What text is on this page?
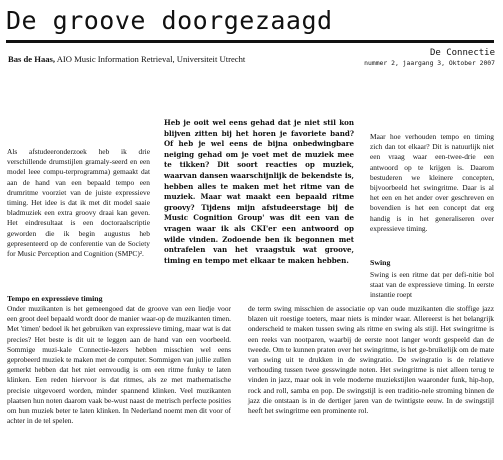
De groove doorgezaagd
Bas de Haas, AIO Music Information Retrieval, Universiteit Utrecht
De Connectie
nummer 2, jaargang 3, Oktober 2007
Heb je ooit wel eens gehad dat je niet stil kon blijven zitten bij het horen je favoriete band? Of heb je wel eens de bijna onbedwingbare neiging gehad om je voet met de muziek mee te tikken? Dit soort reacties op muziek, waarvan dansen waarschijnlijk de bekendste is, hebben alles te maken met het ritme van de muziek. Maar wat maakt een bepaald ritme groovy? Tijdens mijn afstudeerstage bij de Music Cognition Group' was dit een van de vragen waar ik als CKI'er een antwoord op wilde vinden. Zodoende ben ik begonnen met ontrafelen van het vraagstuk wat groove, timing en tempo met elkaar te maken hebben.

Als afstudeeronderzoek heb ik drie verschillende drumstijlen gramaly-seerd en een model leee compu-terprogramma) gemaakt dat aan de hand van een bepaald tempo een drumritme voorziet van de juiste expressieve timing. Het idee is dat ik met dit model saaie bladmuziek een extra groovy draai kan geven. Het eindresultaat is een doctoraalscriptie geworden die ik begin augustus heb gepresenteerd op de conferentie van de Society for Music Perception and Cognition (SMPC)².

Maar hoe verhouden tempo en timing zich dan tot elkaar? Dit is natuurlijk niet een vraag waar een-twee-drie een antwoord op te krijgen is. Daarom bestuderen we kleinere concepten, bijvoorbeeld het swingritme. Daar is al het een en het ander over geschreven en bovendien is het een concept dat erg handig is in het generaliseren over expressieve timing.

Swing

Swing is een ritme dat per defi-nitie bol staat van de expressieve timing. In eerste instantie roept

Tempo en expressieve timing

Onder muzikanten is het gemeengoed dat de groove van een liedje voor een groot deel bepaald wordt door de manier waar-op de muzikanten timen. Met 'timen' bedoel ik het gebruiken van expressieve timing, maar wat is dat precies? Het beste is dit uit te leggen aan de hand van een voorbeeld. Sommige muzi-kale Connectie-lezers hebben misschien wel eens geprobeerd muziek te maken met de computer. Sommigen van jullie zullen gemerkt hebben dat het niet eenvoudig is om een ritme funky te laten klinken. Een reden hiervoor is dat ritmes, als ze met mathematische precisie uitgevoerd worden, minder spannend klinken. Veel muzikanten plaatsen hun noten daarom vaak be-wust naast de metrisch perfecte posities om hun muziek beter te laten klinken. In Nederland noemt men dit voor of achter in de tel spelen.

de term swing misschien de associatie op van oude muzikanten die stoffige jazz blazen uit roestige toeters, maar niets is minder waar. Allereerst is het belangrijk onderscheid te maken tussen swing als ritme en swing als stijl. Het swingritme is een reeks van nootparen, waarbij de eerste noot langer wordt gespeeld dan de tweede. Om te kunnen praten over het swingritme, is het ge-bruikelijk om de mate van swing uit te drukken in de swingratio. De swingratio is de relatieve verhouding tussen twee gesswingde noten. Het swingritme is niet alleen terug te vinden in jazz, maar ook in vele moderne muziekstijlen waaronder funk, hip-hop, rock and roll, samba en pop. De swingstijl is een traditio-nele stroming binnen de jazz die ontstaan is in de dertiger jaren van de twintigste eeuw. In de swingstijl heeft het swingritme een prominente rol.
